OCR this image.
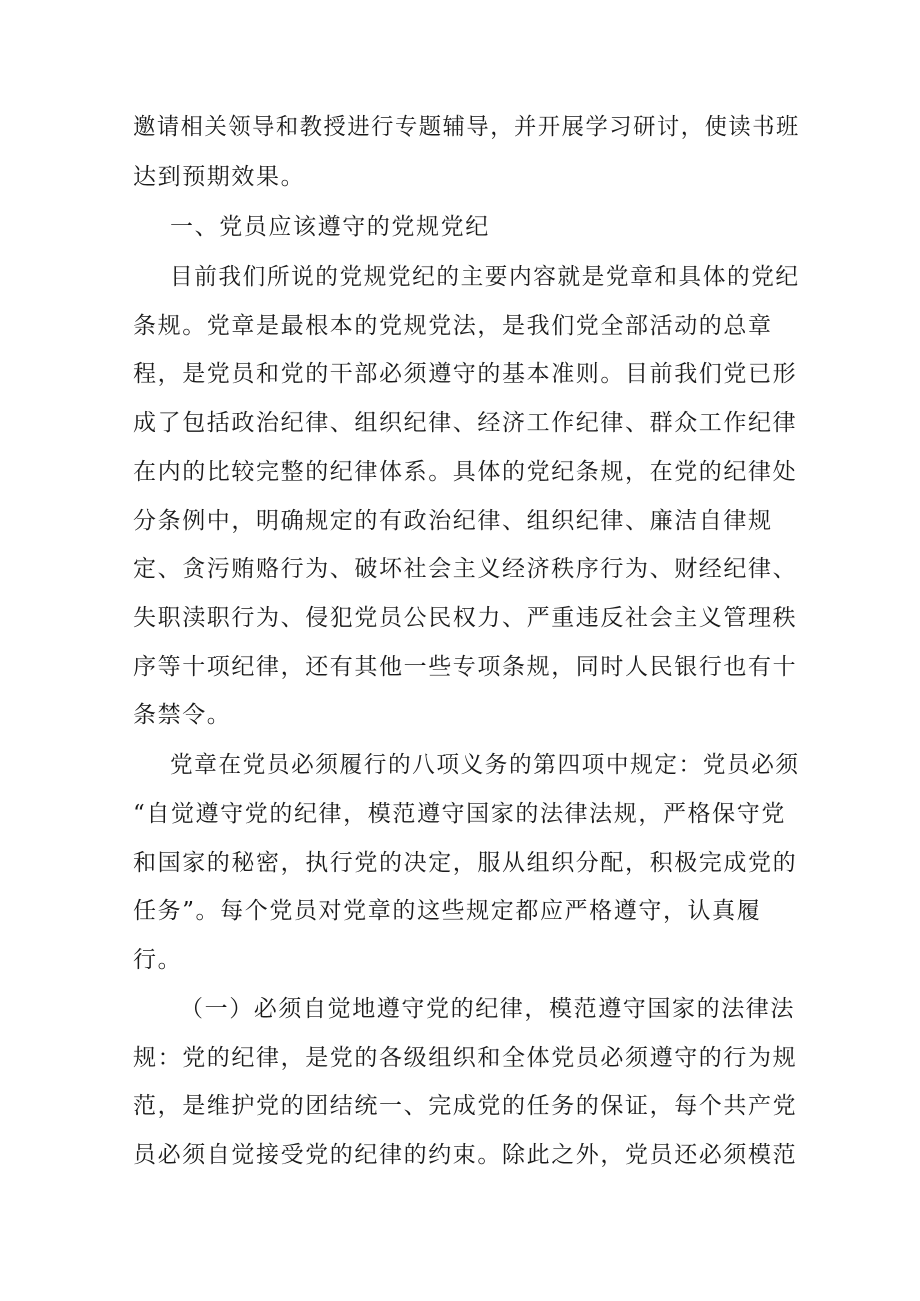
邀请相关领导和教授进行专题辅导，并开展学习研讨，使读书班
达到预期效果。
一、党员应该遵守的党规党纪
目前我们所说的党规党纪的主要内容就是党章和具体的党纪
条规。党章是最根本的党规党法，是我们党全部活动的总章
程，是党员和党的干部必须遵守的基本准则。目前我们党已形
成了包括政治纪律、组织纪律、经济工作纪律、群众工作纪律
在内的比较完整的纪律体系。具体的党纪条规，在党的纪律处
分条例中，明确规定的有政治纪律、组织纪律、廉洁自律规
定、贪污贿赂行为、破坏社会主义经济秩序行为、财经纪律、
失职渎职行为、侵犯党员公民权力、严重违反社会主义管理秩
序等十项纪律，还有其他一些专项条规，同时人民银行也有十
条禁令。
党章在党员必须履行的八项义务的第四项中规定：党员必须
“自觉遵守党的纪律，模范遵守国家的法律法规，严格保守党
和国家的秘密，执行党的决定，服从组织分配，积极完成党的
任务”。每个党员对党章的这些规定都应严格遵守，认真履
行。
（一）必须自觉地遵守党的纪律，模范遵守国家的法律法
规：党的纪律，是党的各级组织和全体党员必须遵守的行为规
范，是维护党的团结统一、完成党的任务的保证，每个共产党
员必须自觉接受党的纪律的约束。除此之外，党员还必须模范
